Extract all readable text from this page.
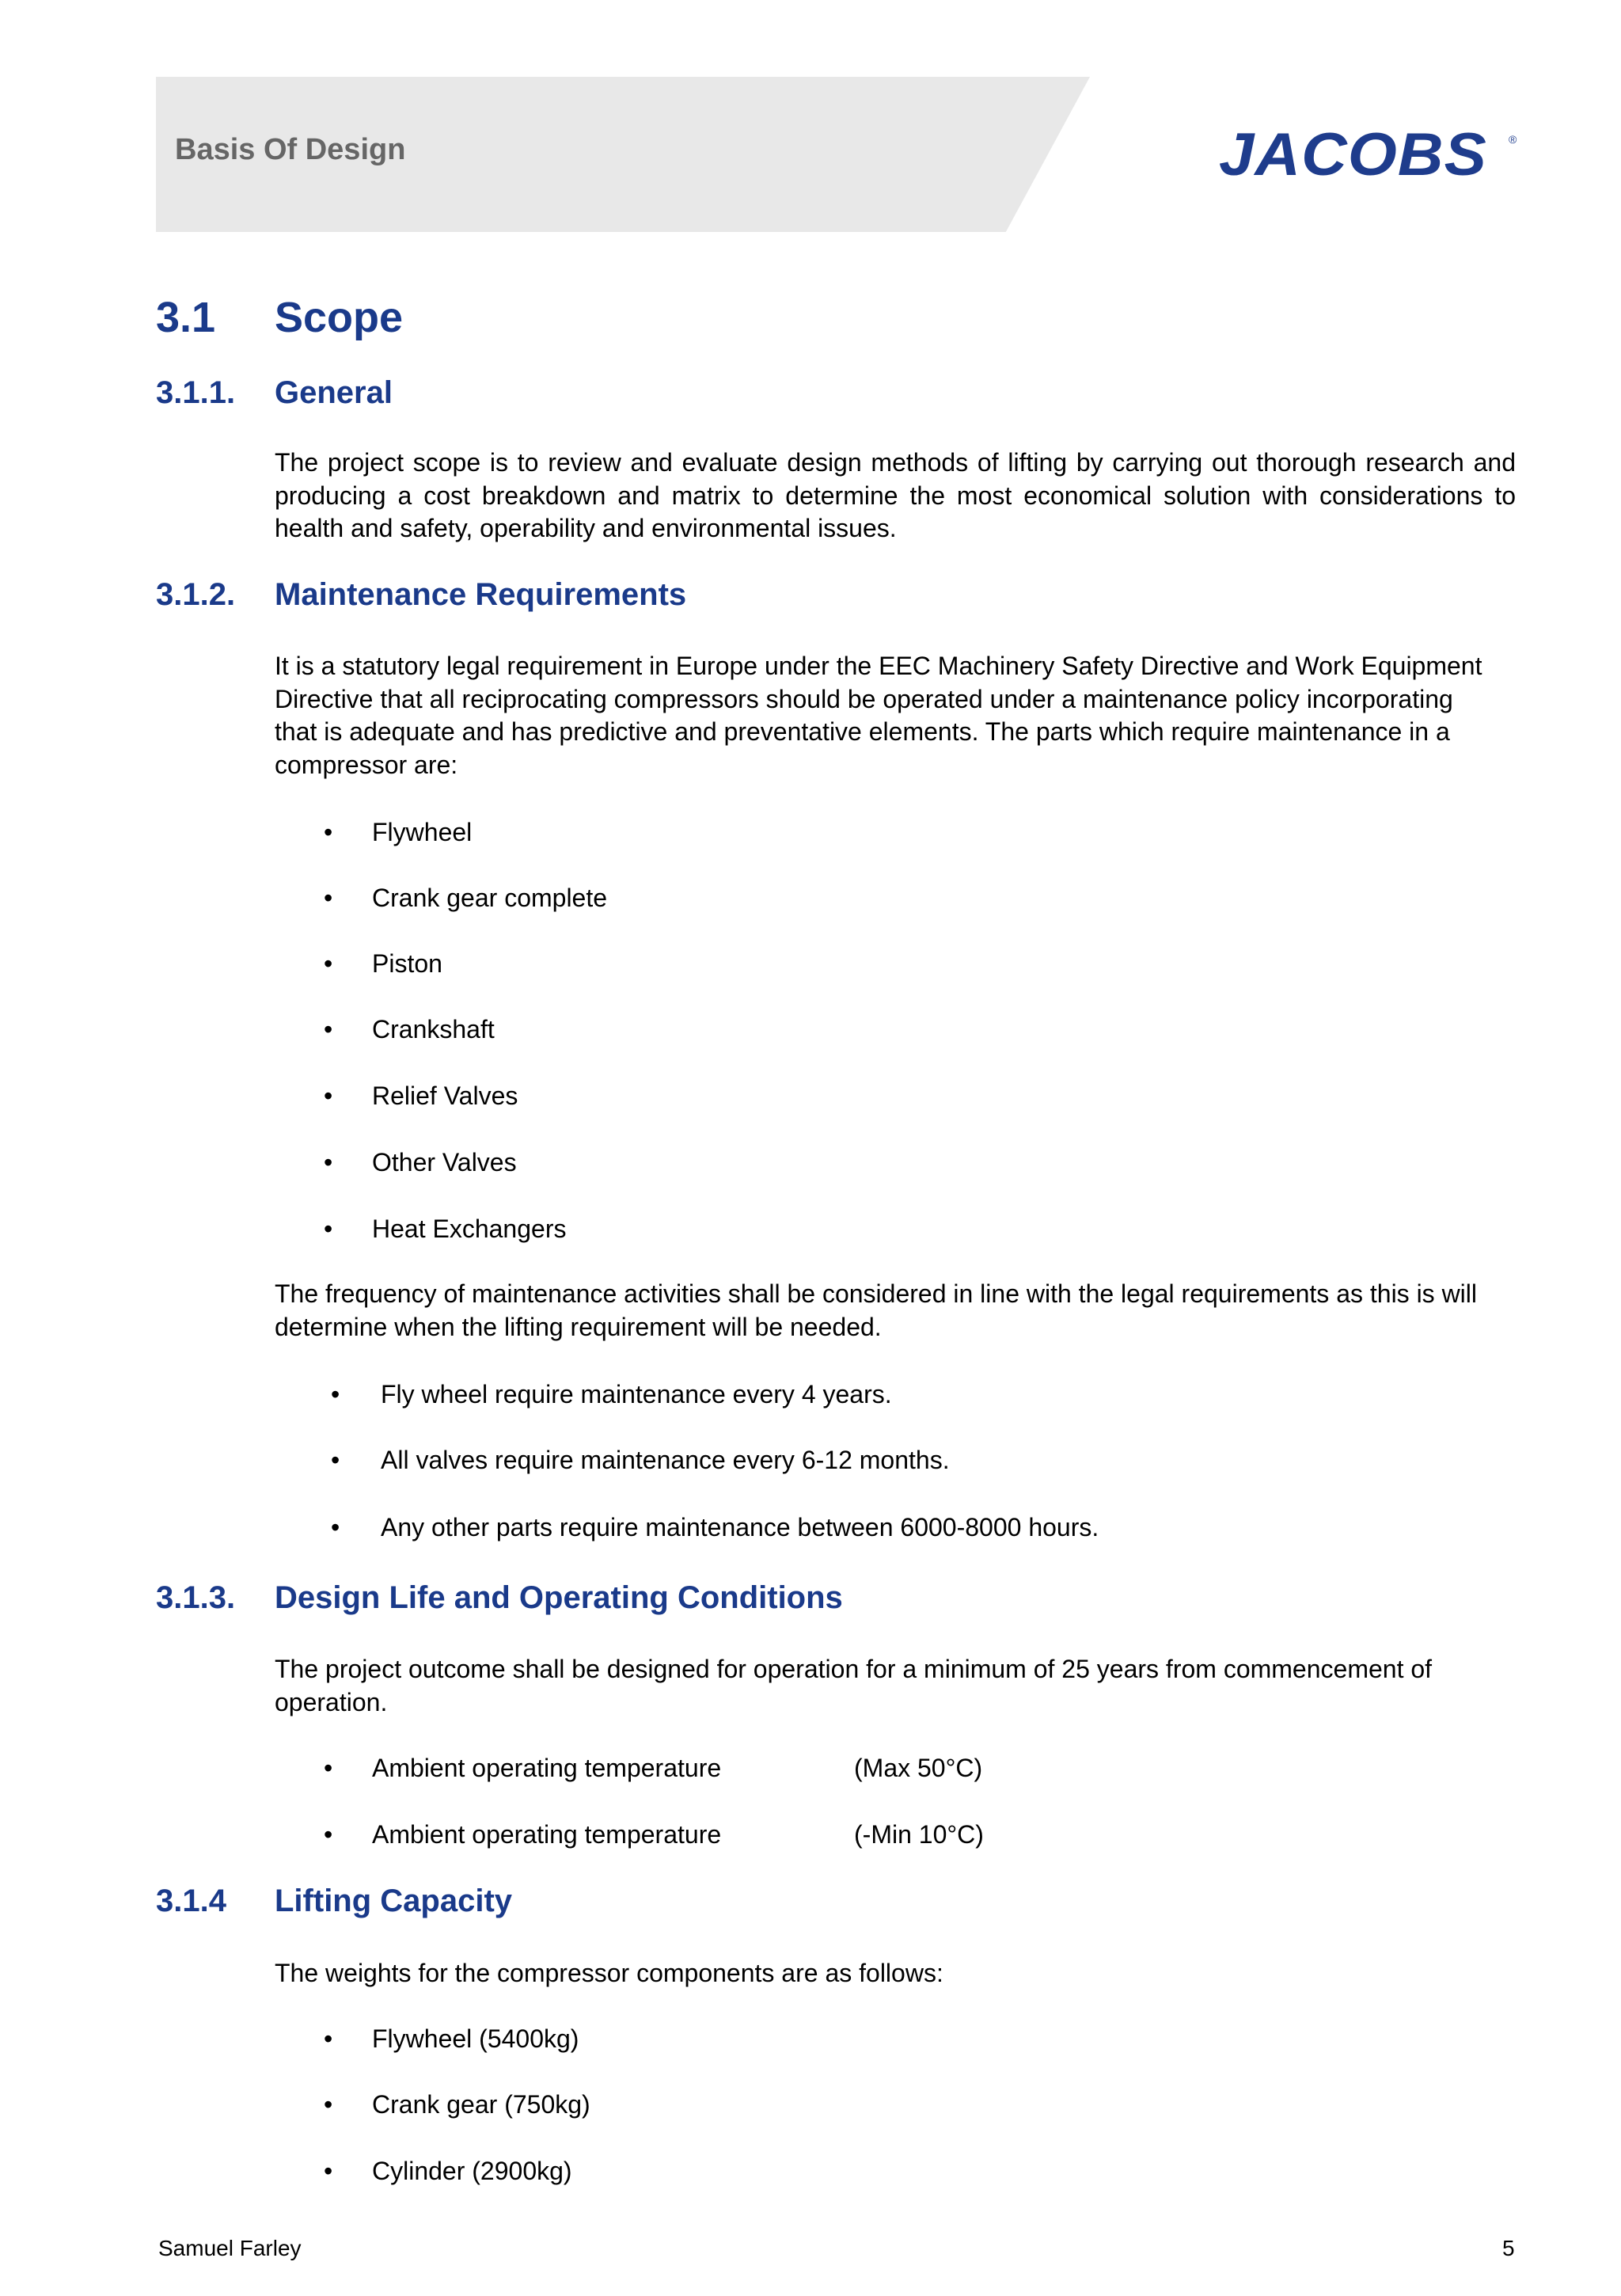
Basis Of Design	JACOBS	®
3.1 Scope
3.1.1. General
The project scope is to review and evaluate design methods of lifting by carrying out thorough research and producing a cost breakdown and matrix to determine the most economical solution with considerations to health and safety, operability and environmental issues.
3.1.2. Maintenance Requirements
It is a statutory legal requirement in Europe under the EEC Machinery Safety Directive and Work Equipment Directive that all reciprocating compressors should be operated under a maintenance policy incorporating that is adequate and has predictive and preventative elements. The parts which require maintenance in a compressor are:
• Flywheel
• Crank gear complete
• Piston
• Crankshaft
• Relief Valves
• Other Valves
• Heat Exchangers
The frequency of maintenance activities shall be considered in line with the legal requirements as this is will determine when the lifting requirement will be needed.
• Fly wheel require maintenance every 4 years.
• All valves require maintenance every 6-12 months.
• Any other parts require maintenance between 6000-8000 hours.
3.1.3. Design Life and Operating Conditions
The project outcome shall be designed for operation for a minimum of 25 years from commencement of operation.
• Ambient operating temperature	(Max 50°C)
• Ambient operating temperature	(-Min 10°C)
3.1.4 Lifting Capacity
The weights for the compressor components are as follows:
• Flywheel (5400kg)
• Crank gear (750kg)
• Cylinder (2900kg)
Samuel Farley	5
